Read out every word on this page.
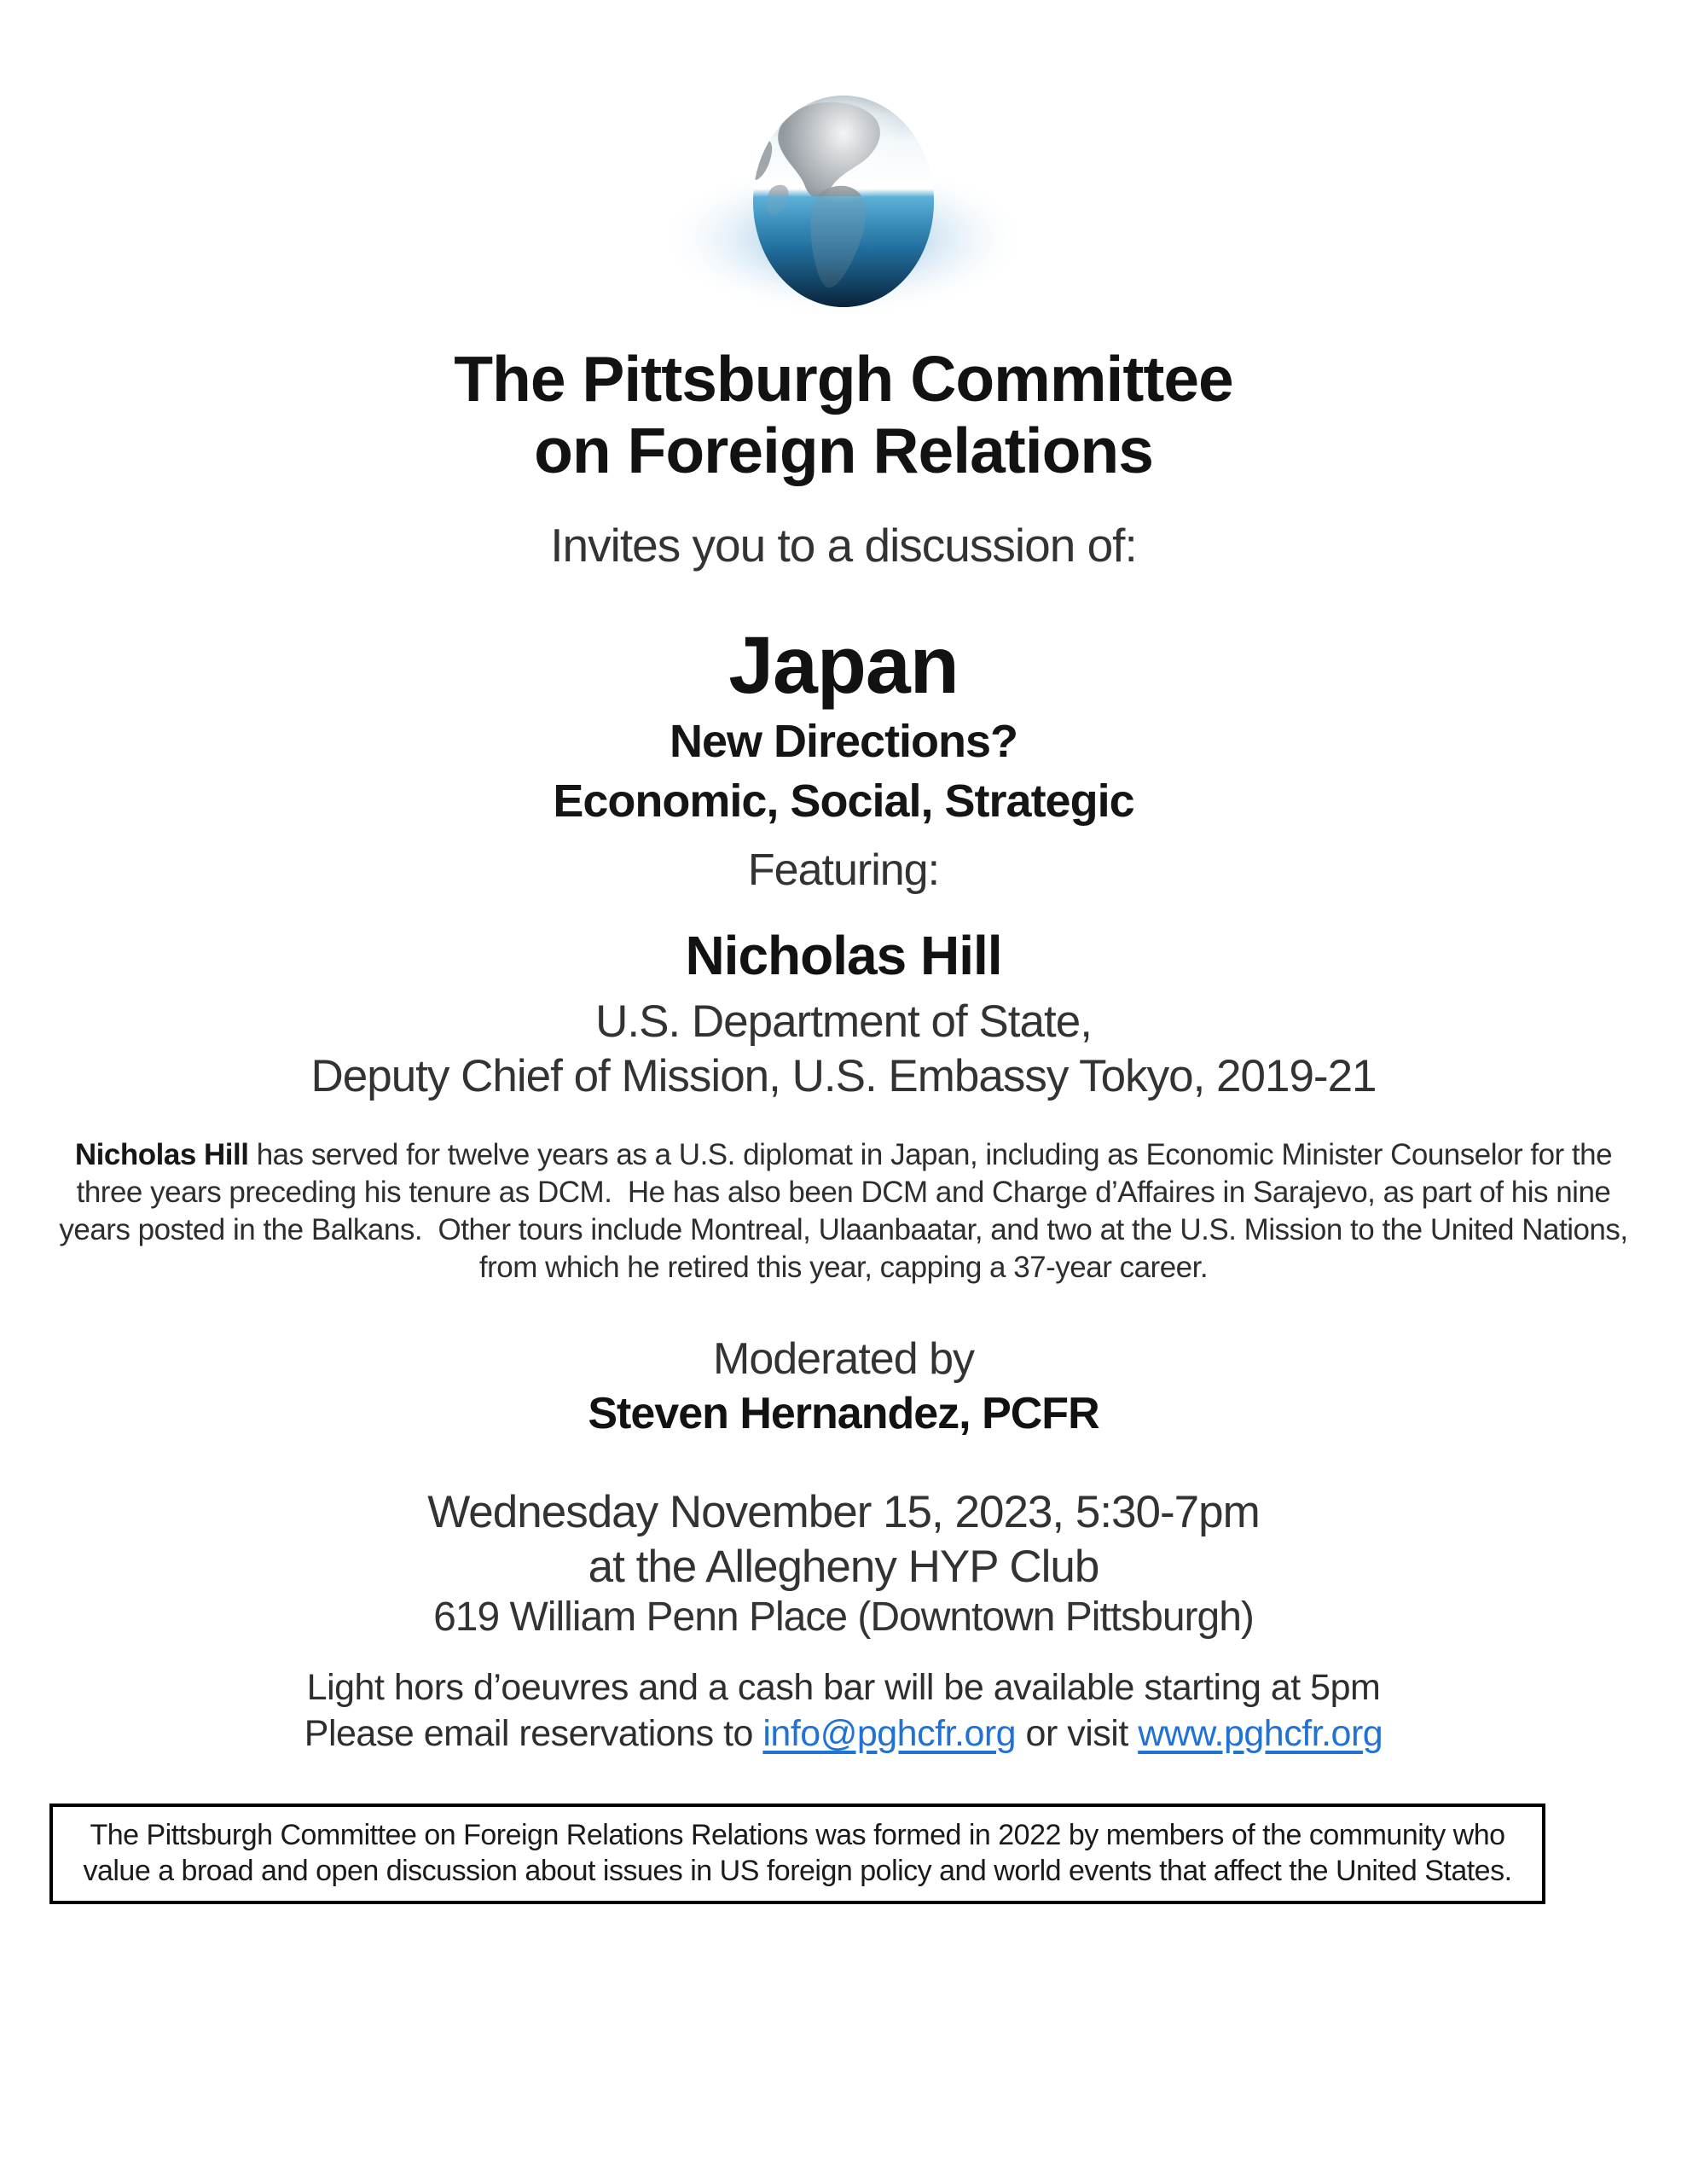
The Pittsburgh Committee
on Foreign Relations
Invites you to a discussion of:
Japan
New Directions?
Economic, Social, Strategic
Featuring:
Nicholas Hill
U.S. Department of State,
Deputy Chief of Mission, U.S. Embassy Tokyo, 2019-21
Nicholas Hill has served for twelve years as a U.S. diplomat in Japan, including as Economic Minister Counselor for the
three years preceding his tenure as DCM.  He has also been DCM and Charge d’Affaires in Sarajevo, as part of his nine
years posted in the Balkans.  Other tours include Montreal, Ulaanbaatar, and two at the U.S. Mission to the United Nations,
from which he retired this year, capping a 37-year career.
Moderated by
Steven Hernandez, PCFR
Wednesday November 15, 2023, 5:30-7pm
at the Allegheny HYP Club
619 William Penn Place (Downtown Pittsburgh)
Light hors d’oeuvres and a cash bar will be available starting at 5pm
Please email reservations to info@pghcfr.org or visit www.pghcfr.org
The Pittsburgh Committee on Foreign Relations Relations was formed in 2022 by members of the community who
value a broad and open discussion about issues in US foreign policy and world events that affect the United States.
